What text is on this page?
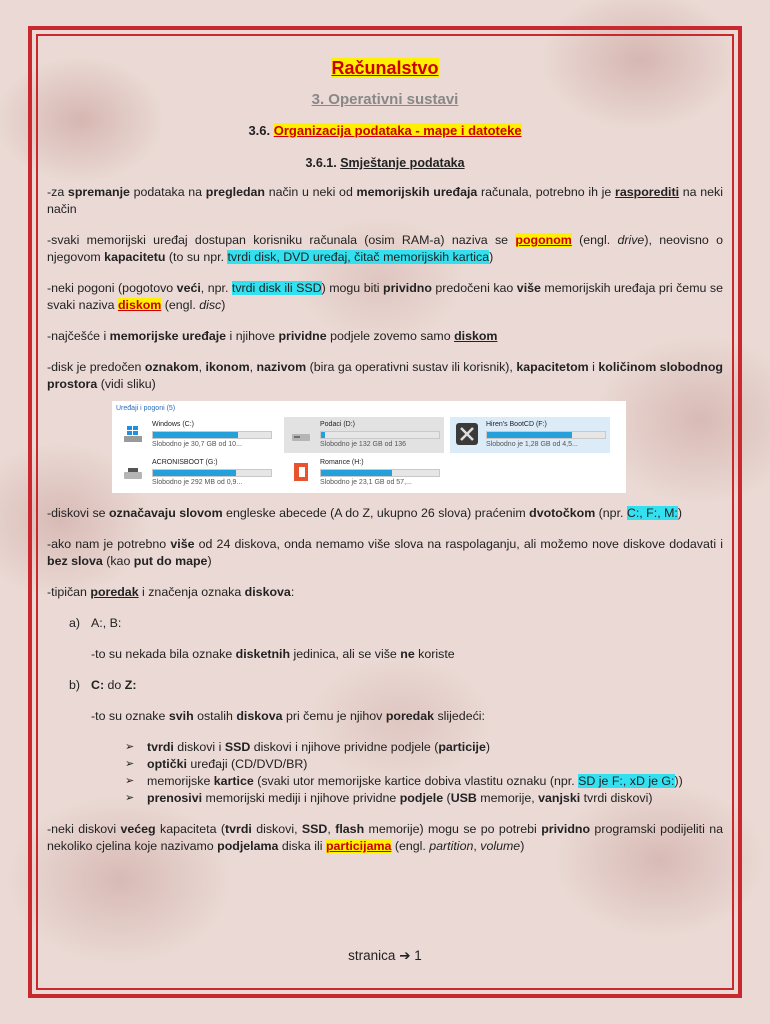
Računalstvo
3. Operativni sustavi
3.6. Organizacija podataka - mape i datoteke
3.6.1. Smještanje podataka

-za spremanje podataka na pregledan način u neki od memorijskih uređaja računala, potrebno ih je rasporediti na neki način

-svaki memorijski uređaj dostupan korisniku računala (osim RAM-a) naziva se pogonom (engl. drive), neovisno o njegovom kapacitetu (to su npr. tvrdi disk, DVD uređaj, čitač memorijskih kartica)

-neki pogoni (pogotovo veći, npr. tvrdi disk ili SSD) mogu biti prividno predočeni kao više memorijskih uređaja pri čemu se svaki naziva diskom (engl. disc)

-najčešće i memorijske uređaje i njihove prividne podjele zovemo samo diskom

-disk je predočen oznakom, ikonom, nazivom (bira ga operativni sustav ili korisnik), kapacitetom i količinom slobodnog prostora (vidi sliku)

-diskovi se označavaju slovom engleske abecede (A do Z, ukupno 26 slova) praćenim dvotočkom (npr. C:, F:, M:)

-ako nam je potrebno više od 24 diskova, onda nemamo više slova na raspolaganju, ali možemo nove diskove dodavati i bez slova (kao put do mape)

-tipičan poredak i značenja oznaka diskova:

a) A:, B:
-to su nekada bila oznake disketnih jedinica, ali se više ne koriste
b) C: do Z:
-to su oznake svih ostalih diskova pri čemu je njihov poredak slijedeći:
➢ tvrdi diskovi i SSD diskovi i njihove prividne podjele (particije)
➢ optički uređaji (CD/DVD/BR)
➢ memorijske kartice (svaki utor memorijske kartice dobiva vlastitu oznaku (npr. SD je F:, xD je G:))
➢ prenosivi memorijski mediji i njihove prividne podjele (USB memorije, vanjski tvrdi diskovi)

-neki diskovi većeg kapaciteta (tvrdi diskovi, SSD, flash memorije) mogu se po potrebi prividno programski podijeliti na nekoliko cjelina koje nazivamo podjelama diska ili particijama (engl. partition, volume)

Uređaji i pogoni (5)
Windows (C:)
Slobodno je 30,7 GB od 10...
Podaci (D:)
Slobodno je 132 GB od 136
Hiren's BootCD (F:)
Slobodno je 1,28 GB od 4,5...
ACRONISBOOT (G:)
Slobodno je 292 MB od 0,9...
Romance (H:)
Slobodno je 23,1 GB od 57,...
stranica ➔ 1
